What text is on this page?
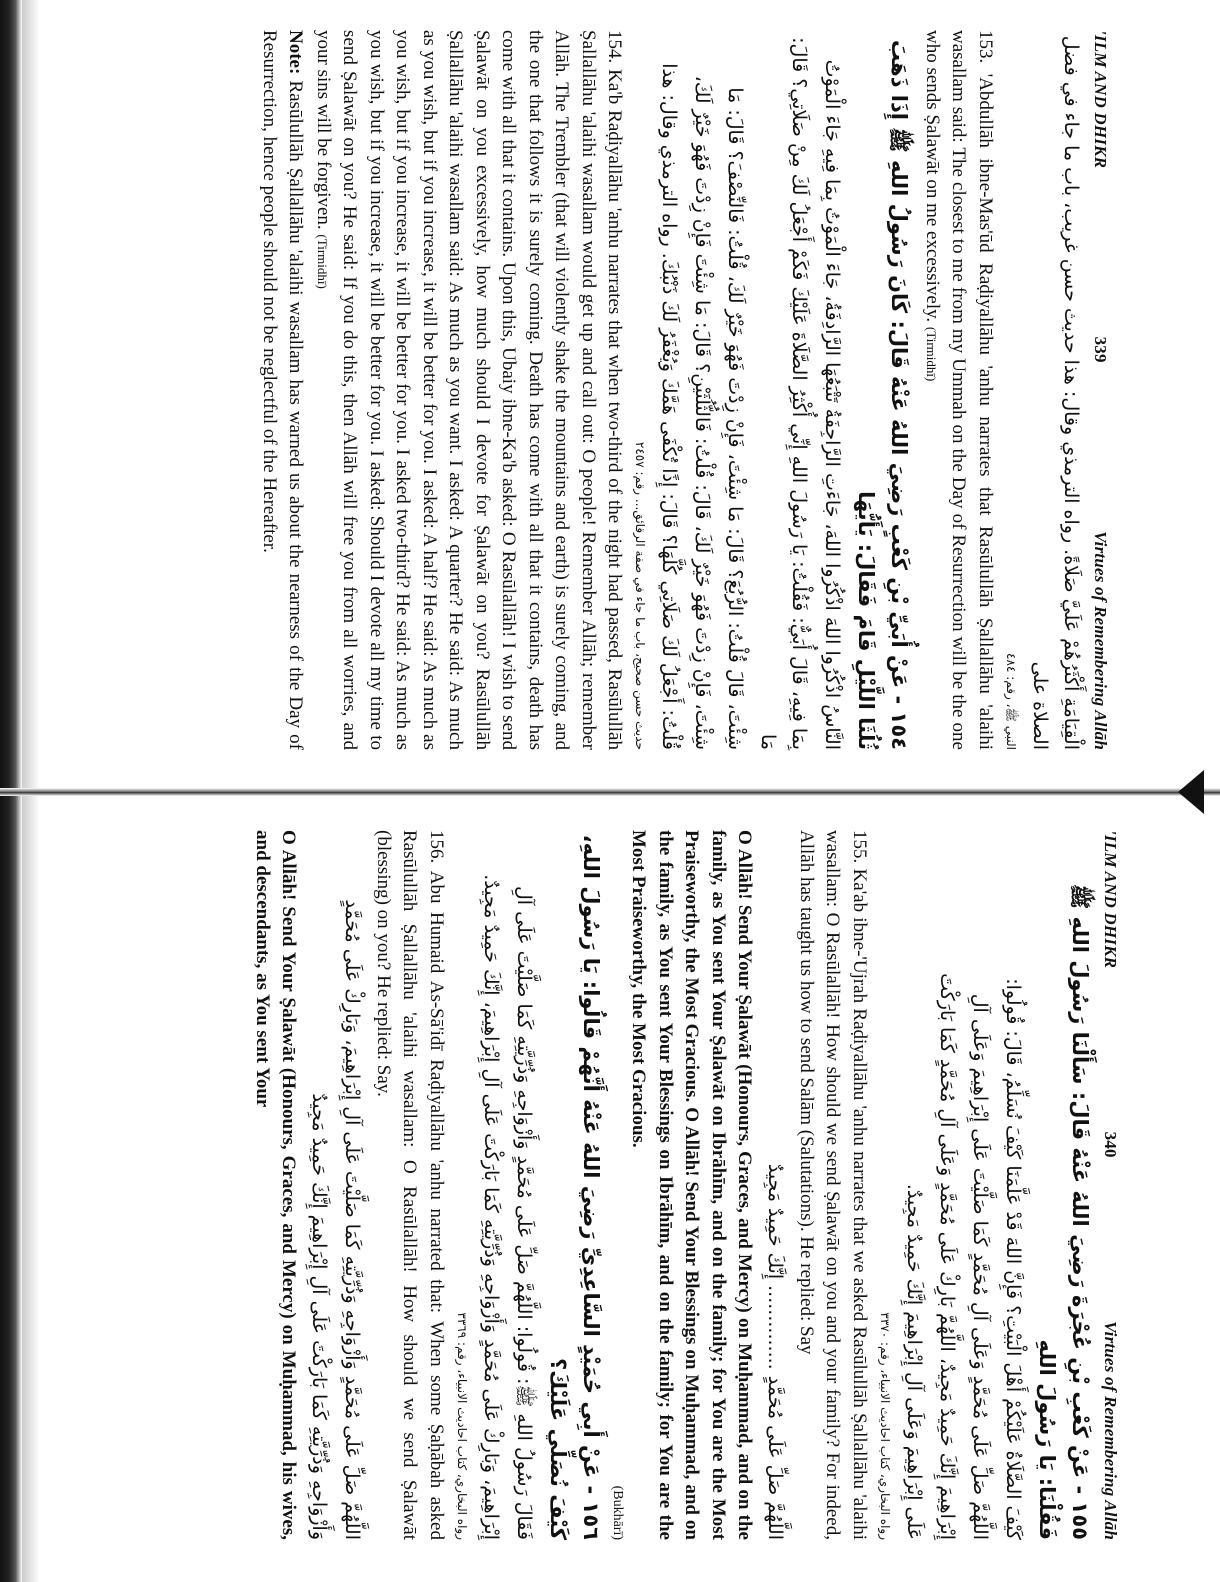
'ILM AND DHIKR
339
Virtues of Remembering Allāh

الْقِيَامَةِ أَكْثَرُهُمْ عَلَيَّ صَلَاةً. رواه الترمذي وقال: هذا حديث حسن غريب، باب ما جاء في فضل الصلاة على

النبي ﷺ، رقم: ٤٨٤

153. 'Abdullāh ibne-Mas'ūd Raḍiyallāhu 'anhu narrates that Rasūlullāh Ṣallallāhu 'alaihi wasallam said: The closest to me from my Ummah on the Day of Resurrection will be the one who sends Ṣalawāt on me excessively. (Tirmidhī)

١٥٤ - عَنْ أُبَيِّ بْنِ كَعْبٍ رَضِيَ اللهُ عَنْهُ قَالَ: كَانَ رَسُولُ اللهِ ﷺ إِذَا ذَهَبَ ثُلُثَا اللَّيْلِ قَامَ فَقَالَ: يَأَيُّهَا

النَّاسُ اذْكُرُوا اللهَ اذْكُرُوا اللهَ، جَاءَتِ الرَّاجِفَةُ تَتْبَعُهَا الرَّادِفَةُ، جَاءَ الْمَوْتُ بِمَا فِيهِ جَاءَ الْمَوْتُ

بِمَا فِيهِ، قَالَ أُبَيٌّ: فَقُلْتُ: يَا رَسُولَ اللهِ إِنِّي أُكْثِرُ الصَّلَاةَ عَلَيْكَ فَكَمْ أَجْعَلُ لَكَ مِنْ صَلَاتِي؟ قَالَ: مَا

شِئْتَ، قَالَ قُلْتُ: الرُّبُعَ؟ قَالَ: مَا شِئْتَ، فَإِنْ زِدْتَ فَهُوَ خَيْرٌ لَكَ، قُلْتُ: فَالنِّصْفَ؟ قَالَ: مَا

شِئْتَ، فَإِنْ زِدْتَ فَهُوَ خَيْرٌ لَكَ، قَالَ: قُلْتُ: فَالثُّلُثَيْنِ؟ قَالَ: مَا شِئْتَ فَإِنْ زِدْتَ فَهُوَ خَيْرٌ لَكَ،

قُلْتُ: أَجْعَلُ لَكَ صَلَاتِي كُلَّهَا؟ قَالَ: إِذًا تُكْفَى هَمَّكَ وَيُغْفَرُ لَكَ ذَنْبُكَ. رواه الترمذي وقال: هذا

حديث حسن صحيح، باب ما جاء في صفة الرقائق... رقم: ٢٤٥٧

154. Ka'b Raḍiyallāhu 'anhu narrates that when two-third of the night had passed, Rasūlullāh Ṣallallāhu 'alaihi wasallam would get up and call out: O people! Remember Allāh; remember Allāh. The Trembler (that will violently shake the mountains and earth) is surely coming, and the one that follows it is surely coming. Death has come with all that it contains, death has come with all that it contains. Upon this, Ubaiy ibne-Ka'b asked: O Rasūlallāh! I wish to send Ṣalawāt on you excessively, how much should I devote for Ṣalawāt on you? Rasūlullāh Ṣallallāhu 'alaihi wasallam said: As much as you want. I asked: A quarter? He said: As much as you wish, but if you increase, it will be better for you. I asked: A half? He said: As much as you wish, but if you increase, it will be better for you. I asked two-third? He said: As much as you wish, but if you increase, it will be better for you. I asked: Should I devote all my time to send Ṣalawāt on you? He said: If you do this, then Allāh will free you from all worries, and your sins will be forgiven. (Tirmidhī)

Note: Rasūlullāh Ṣallallāhu 'alaihi wasallam has warned us about the nearness of the Day of Resurrection, hence people should not be neglectful of the Hereafter.

'ILM AND DHIKR
340
Virtues of Remembering Allāh

١٥٥ - عَنْ كَعْبِ بْنِ عُجْرَةَ رَضِيَ اللهُ عَنْهُ قَالَ: سَأَلْنَا رَسُولَ اللهِ ﷺ فَقُلْنَا: يَا رَسُولَ اللهِ

كَيْفَ الصَّلَاةُ عَلَيْكُمْ أَهْلَ الْبَيْتِ؟ فَإِنَّ اللهَ قَدْ عَلَّمَنَا كَيْفَ نُسَلِّمُ، قَالَ: قُولُوا:

اللَّهُمَّ صَلِّ عَلَى مُحَمَّدٍ وَعَلَى آلِ مُحَمَّدٍ كَمَا صَلَّيْتَ عَلَى إِبْرَاهِيمَ وَعَلَى آلِ

إِبْرَاهِيمَ إِنَّكَ حَمِيدٌ مَجِيدٌ، اللَّهُمَّ بَارِكْ عَلَى مُحَمَّدٍ وَعَلَى آلِ مُحَمَّدٍ كَمَا بَارَكْتَ

عَلَى إِبْرَاهِيمَ وَعَلَى آلِ إِبْرَاهِيمَ إِنَّكَ حَمِيدٌ مَجِيدٌ.

رواه البخاري، كتاب احاديث الانبياء، رقم: ٣٣٧٠

155. Ka'ab ibne-'Ujrah Raḍiyallāhu 'anhu narrates that we asked Rasūlullāh Ṣallallāhu 'alaihi wasallam: O Rasūlallāh! How should we send Ṣalawāt on you and your family? For indeed, Allāh has taught us how to send Salām (Salutations). He replied: Say

اللَّهُمَّ صَلِّ عَلَى مُحَمَّدٍ .............. إِنَّكَ حَمِيدٌ مَجِيدٌ

O Allāh! Send Your Ṣalawāt (Honours, Graces, and Mercy) on Muḥammad, and on the family, as You sent Your Ṣalawāt on Ibrāhīm, and on the family; for You are the Most Praiseworthy, the Most Gracious. O Allāh! Send Your Blessings on Muḥammad, and on the family, as You sent Your Blessings on Ibrāhīm, and on the family; for You are the Most Praiseworthy, the Most Gracious.

(Bukhārī)

١٥٦ - عَنْ أَبِي حُمَيْدٍ السَّاعِدِيِّ رَضِيَ اللهُ عَنْهُ أَنَّهُمْ قَالُوا: يَا رَسُولَ اللهِ، كَيْفَ نُصَلِّي عَلَيْكَ؟

فَقَالَ رَسُولُ اللهِ ﷺ: قُولُوا: اللَّهُمَّ صَلِّ عَلَى مُحَمَّدٍ وَأَزْوَاجِهِ وَذُرِّيَّتِهِ كَمَا صَلَّيْتَ عَلَى آلِ

إِبْرَاهِيمَ، وَبَارِكْ عَلَى مُحَمَّدٍ وَأَزْوَاجِهِ وَذُرِّيَّتِهِ كَمَا بَارَكْتَ عَلَى آلِ إِبْرَاهِيمَ، إِنَّكَ حَمِيدٌ مَجِيدٌ.

رواه البخاري، كتاب احاديث الانبياء، رقم: ٣٣٦٩

156. Abu Humaid As-Sā'idī Raḍiyallāhu 'anhu narrated that: When some Ṣaḥābah asked Rasūlullāh Ṣallallāhu 'alaihi wasallam: O Rasūlallāh! How should we send Ṣalawāt (blessing) on you? He replied: Say.

اللَّهُمَّ صَلِّ عَلَى مُحَمَّدٍ وَأَزْوَاجِهِ وَذُرِّيَّتِهِ كَمَا صَلَّيْتَ عَلَى آلِ إِبْرَاهِيمَ، وَبَارِكْ عَلَى مُحَمَّدٍ

وَأَزْوَاجِهِ وَذُرِّيَّتِهِ كَمَا بَارَكْتَ عَلَى آلِ إِبْرَاهِيمَ إِنَّكَ حَمِيدٌ مَجِيدٌ

O Allāh! Send Your Ṣalawāt (Honours, Graces, and Mercy) on Muḥammad, his wives, and descendants, as You sent Your
